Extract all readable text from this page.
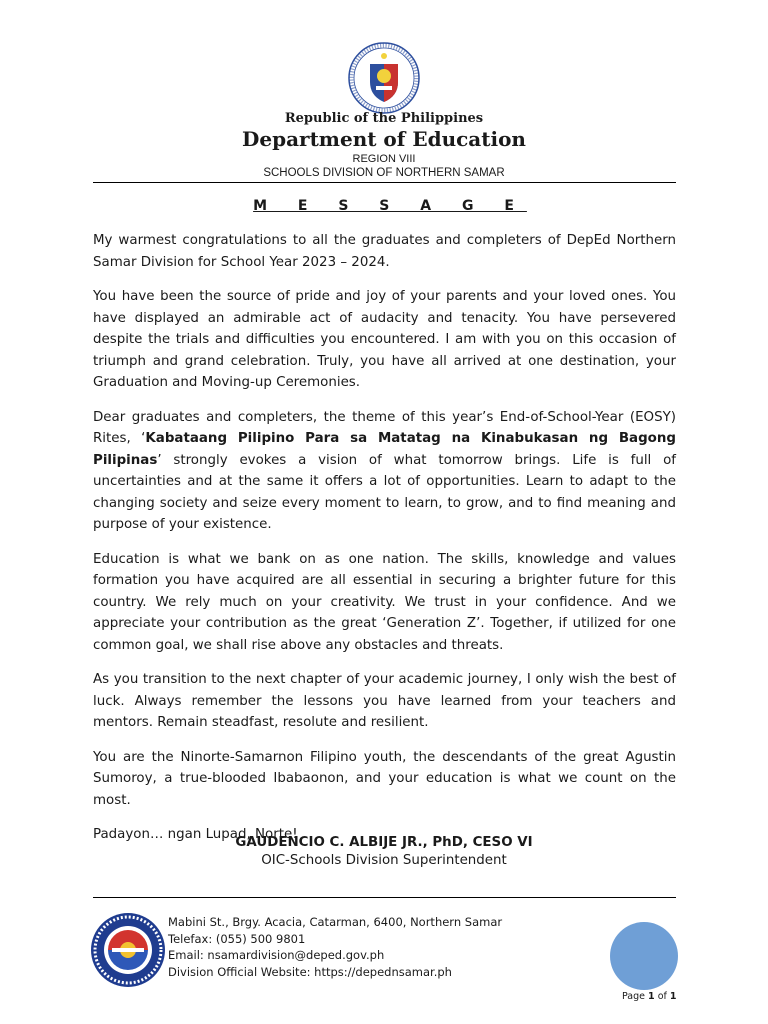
Republic of the Philippines
Department of Education
REGION VIII
SCHOOLS DIVISION OF NORTHERN SAMAR
M E S S A G E

My warmest congratulations to all the graduates and completers of DepEd Northern Samar Division for School Year 2023 – 2024.

You have been the source of pride and joy of your parents and your loved ones. You have displayed an admirable act of audacity and tenacity. You have persevered despite the trials and difficulties you encountered. I am with you on this occasion of triumph and grand celebration. Truly, you have all arrived at one destination, your Graduation and Moving-up Ceremonies.

Dear graduates and completers, the theme of this year’s End-of-School-Year (EOSY) Rites, ‘Kabataang Pilipino Para sa Matatag na Kinabukasan ng Bagong Pilipinas’ strongly evokes a vision of what tomorrow brings. Life is full of uncertainties and at the same it offers a lot of opportunities. Learn to adapt to the changing society and seize every moment to learn, to grow, and to find meaning and purpose of your existence.

Education is what we bank on as one nation. The skills, knowledge and values formation you have acquired are all essential in securing a brighter future for this country. We rely much on your creativity. We trust in your confidence. And we appreciate your contribution as the great ‘Generation Z’. Together, if utilized for one common goal, we shall rise above any obstacles and threats.

As you transition to the next chapter of your academic journey, I only wish the best of luck. Always remember the lessons you have learned from your teachers and mentors. Remain steadfast, resolute and resilient.

You are the Ninorte-Samarnon Filipino youth, the descendants of the great Agustin Sumoroy, a true-blooded Ibabaonon, and your education is what we count on the most.

Padayon… ngan Lupad, Norte!

GAUDENCIO C. ALBIJE JR., PhD, CESO VI
OIC-Schools Division Superintendent
Mabini St., Brgy. Acacia, Catarman, 6400, Northern Samar
Telefax: (055) 500 9801
Email: nsamardivision@deped.gov.ph
Division Official Website: https://depednsamar.ph
Page 1 of 1
